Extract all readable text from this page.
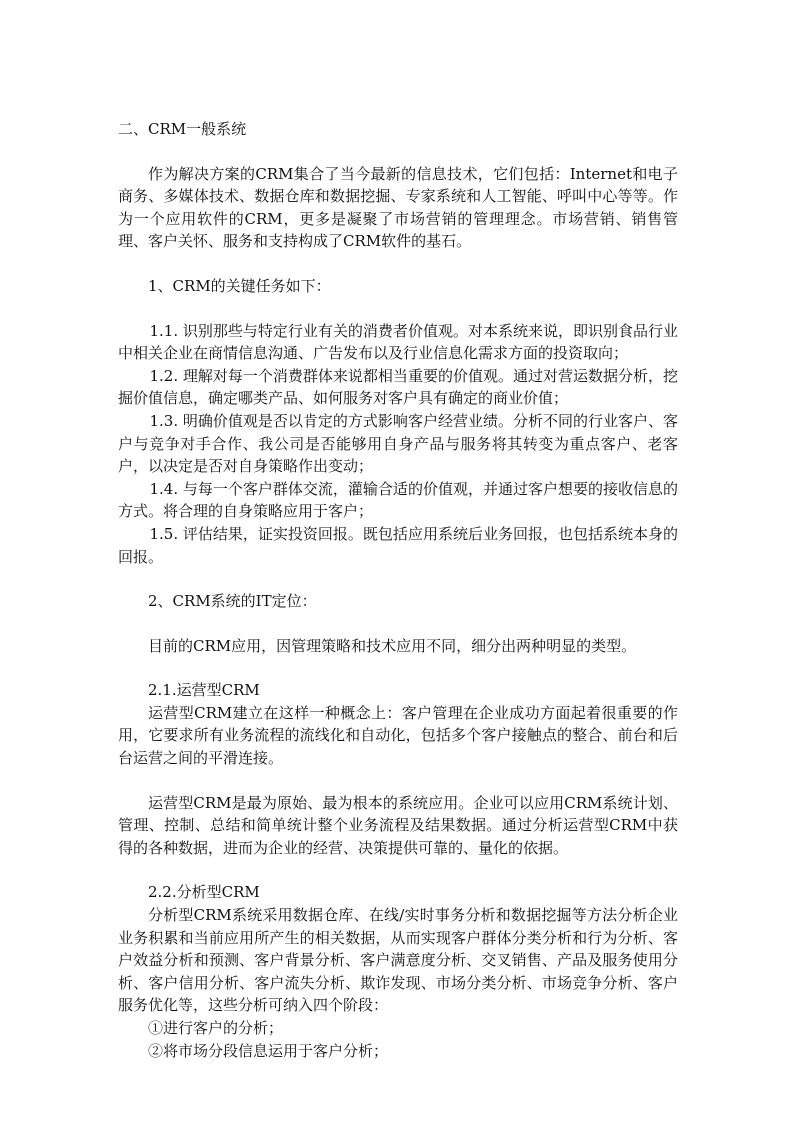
二、CRM一般系统

作为解决方案的CRM集合了当今最新的信息技术，它们包括：Internet和电子商务、多媒体技术、数据仓库和数据挖掘、专家系统和人工智能、呼叫中心等等。作为一个应用软件的CRM，更多是凝聚了市场营销的管理理念。市场营销、销售管理、客户关怀、服务和支持构成了CRM软件的基石。

1、CRM的关键任务如下：

1.1. 识别那些与特定行业有关的消费者价值观。对本系统来说，即识别食品行业中相关企业在商情信息沟通、广告发布以及行业信息化需求方面的投资取向；

1.2. 理解对每一个消费群体来说都相当重要的价值观。通过对营运数据分析，挖掘价值信息，确定哪类产品、如何服务对客户具有确定的商业价值；

1.3. 明确价值观是否以肯定的方式影响客户经营业绩。分析不同的行业客户、客户与竞争对手合作、我公司是否能够用自身产品与服务将其转变为重点客户、老客户，以决定是否对自身策略作出变动；

1.4. 与每一个客户群体交流，灌输合适的价值观，并通过客户想要的接收信息的方式。将合理的自身策略应用于客户；

1.5. 评估结果，证实投资回报。既包括应用系统后业务回报，也包括系统本身的回报。

2、CRM系统的IT定位：

目前的CRM应用，因管理策略和技术应用不同，细分出两种明显的类型。

2.1.运营型CRM

运营型CRM建立在这样一种概念上：客户管理在企业成功方面起着很重要的作用，它要求所有业务流程的流线化和自动化，包括多个客户接触点的整合、前台和后台运营之间的平滑连接。

运营型CRM是最为原始、最为根本的系统应用。企业可以应用CRM系统计划、管理、控制、总结和简单统计整个业务流程及结果数据。通过分析运营型CRM中获得的各种数据，进而为企业的经营、决策提供可靠的、量化的依据。

2.2.分析型CRM

分析型CRM系统采用数据仓库、在线/实时事务分析和数据挖掘等方法分析企业业务积累和当前应用所产生的相关数据，从而实现客户群体分类分析和行为分析、客户效益分析和预测、客户背景分析、客户满意度分析、交叉销售、产品及服务使用分析、客户信用分析、客户流失分析、欺诈发现、市场分类分析、市场竞争分析、客户服务优化等，这些分析可纳入四个阶段：

①进行客户的分析；

②将市场分段信息运用于客户分析；
